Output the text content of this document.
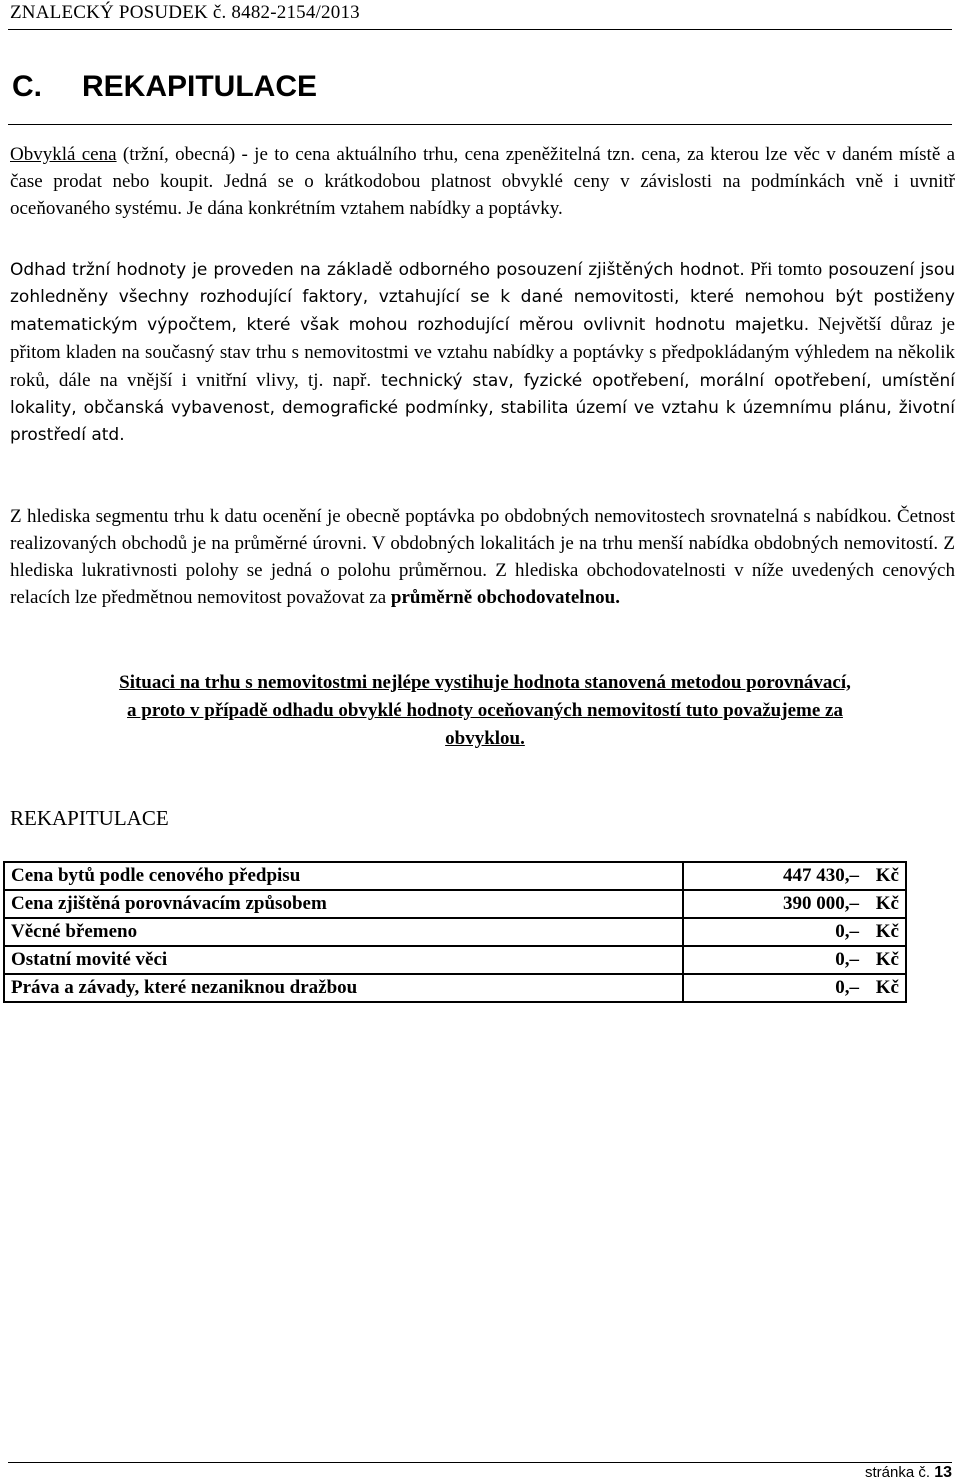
ZNALECKÝ POSUDEK č. 8482-2154/2013
C. REKAPITULACE
Obvyklá cena (tržní, obecná) - je to cena aktuálního trhu, cena zpeněžitelná tzn. cena, za kterou lze věc v daném místě a čase prodat nebo koupit. Jedná se o krátkodobou platnost obvyklé ceny v závislosti na podmínkách vně i uvnitř oceňovaného systému. Je dána konkrétním vztahem nabídky a poptávky.
Odhad tržní hodnoty je proveden na základě odborného posouzení zjištěných hodnot. Při tomto posouzení jsou zohledněny všechny rozhodující faktory, vztahující se k dané nemovitosti, které nemohou být postiženy matematickým výpočtem, které však mohou rozhodující měrou ovlivnit hodnotu majetku. Největší důraz je přitom kladen na současný stav trhu s nemovitostmi ve vztahu nabídky a poptávky s předpokládaným výhledem na několik roků, dále na vnější i vnitřní vlivy, tj. např. technický stav, fyzické opotřebení, morální opotřebení, umístění lokality, občanská vybavenost, demografické podmínky, stabilita území ve vztahu k územnímu plánu, životní prostředí atd.
Z hlediska segmentu trhu k datu ocenění je obecně poptávka po obdobných nemovitostech srovnatelná s nabídkou. Četnost realizovaných obchodů je na průměrné úrovni. V obdobných lokalitách je na trhu menší nabídka obdobných nemovitostí. Z hlediska lukrativnosti polohy se jedná o polohu průměrnou. Z hlediska obchodovatelnosti v níže uvedených cenových relacích lze předmětnou nemovitost považovat za průměrně obchodovatelnou.
Situaci na trhu s nemovitostmi nejlépe vystihuje hodnota stanovená metodou porovnávací,
a proto v případě odhadu obvyklé hodnoty oceňovaných nemovitostí tuto považujeme za
obvyklou.
REKAPITULACE
Cena bytů podle cenového předpisu	447 430,– Kč
Cena zjištěná porovnávacím způsobem	390 000,– Kč
Věcné břemeno	0,– Kč
Ostatní movité věci	0,– Kč
Práva a závady, které nezaniknou dražbou	0,– Kč
stránka č. 13
